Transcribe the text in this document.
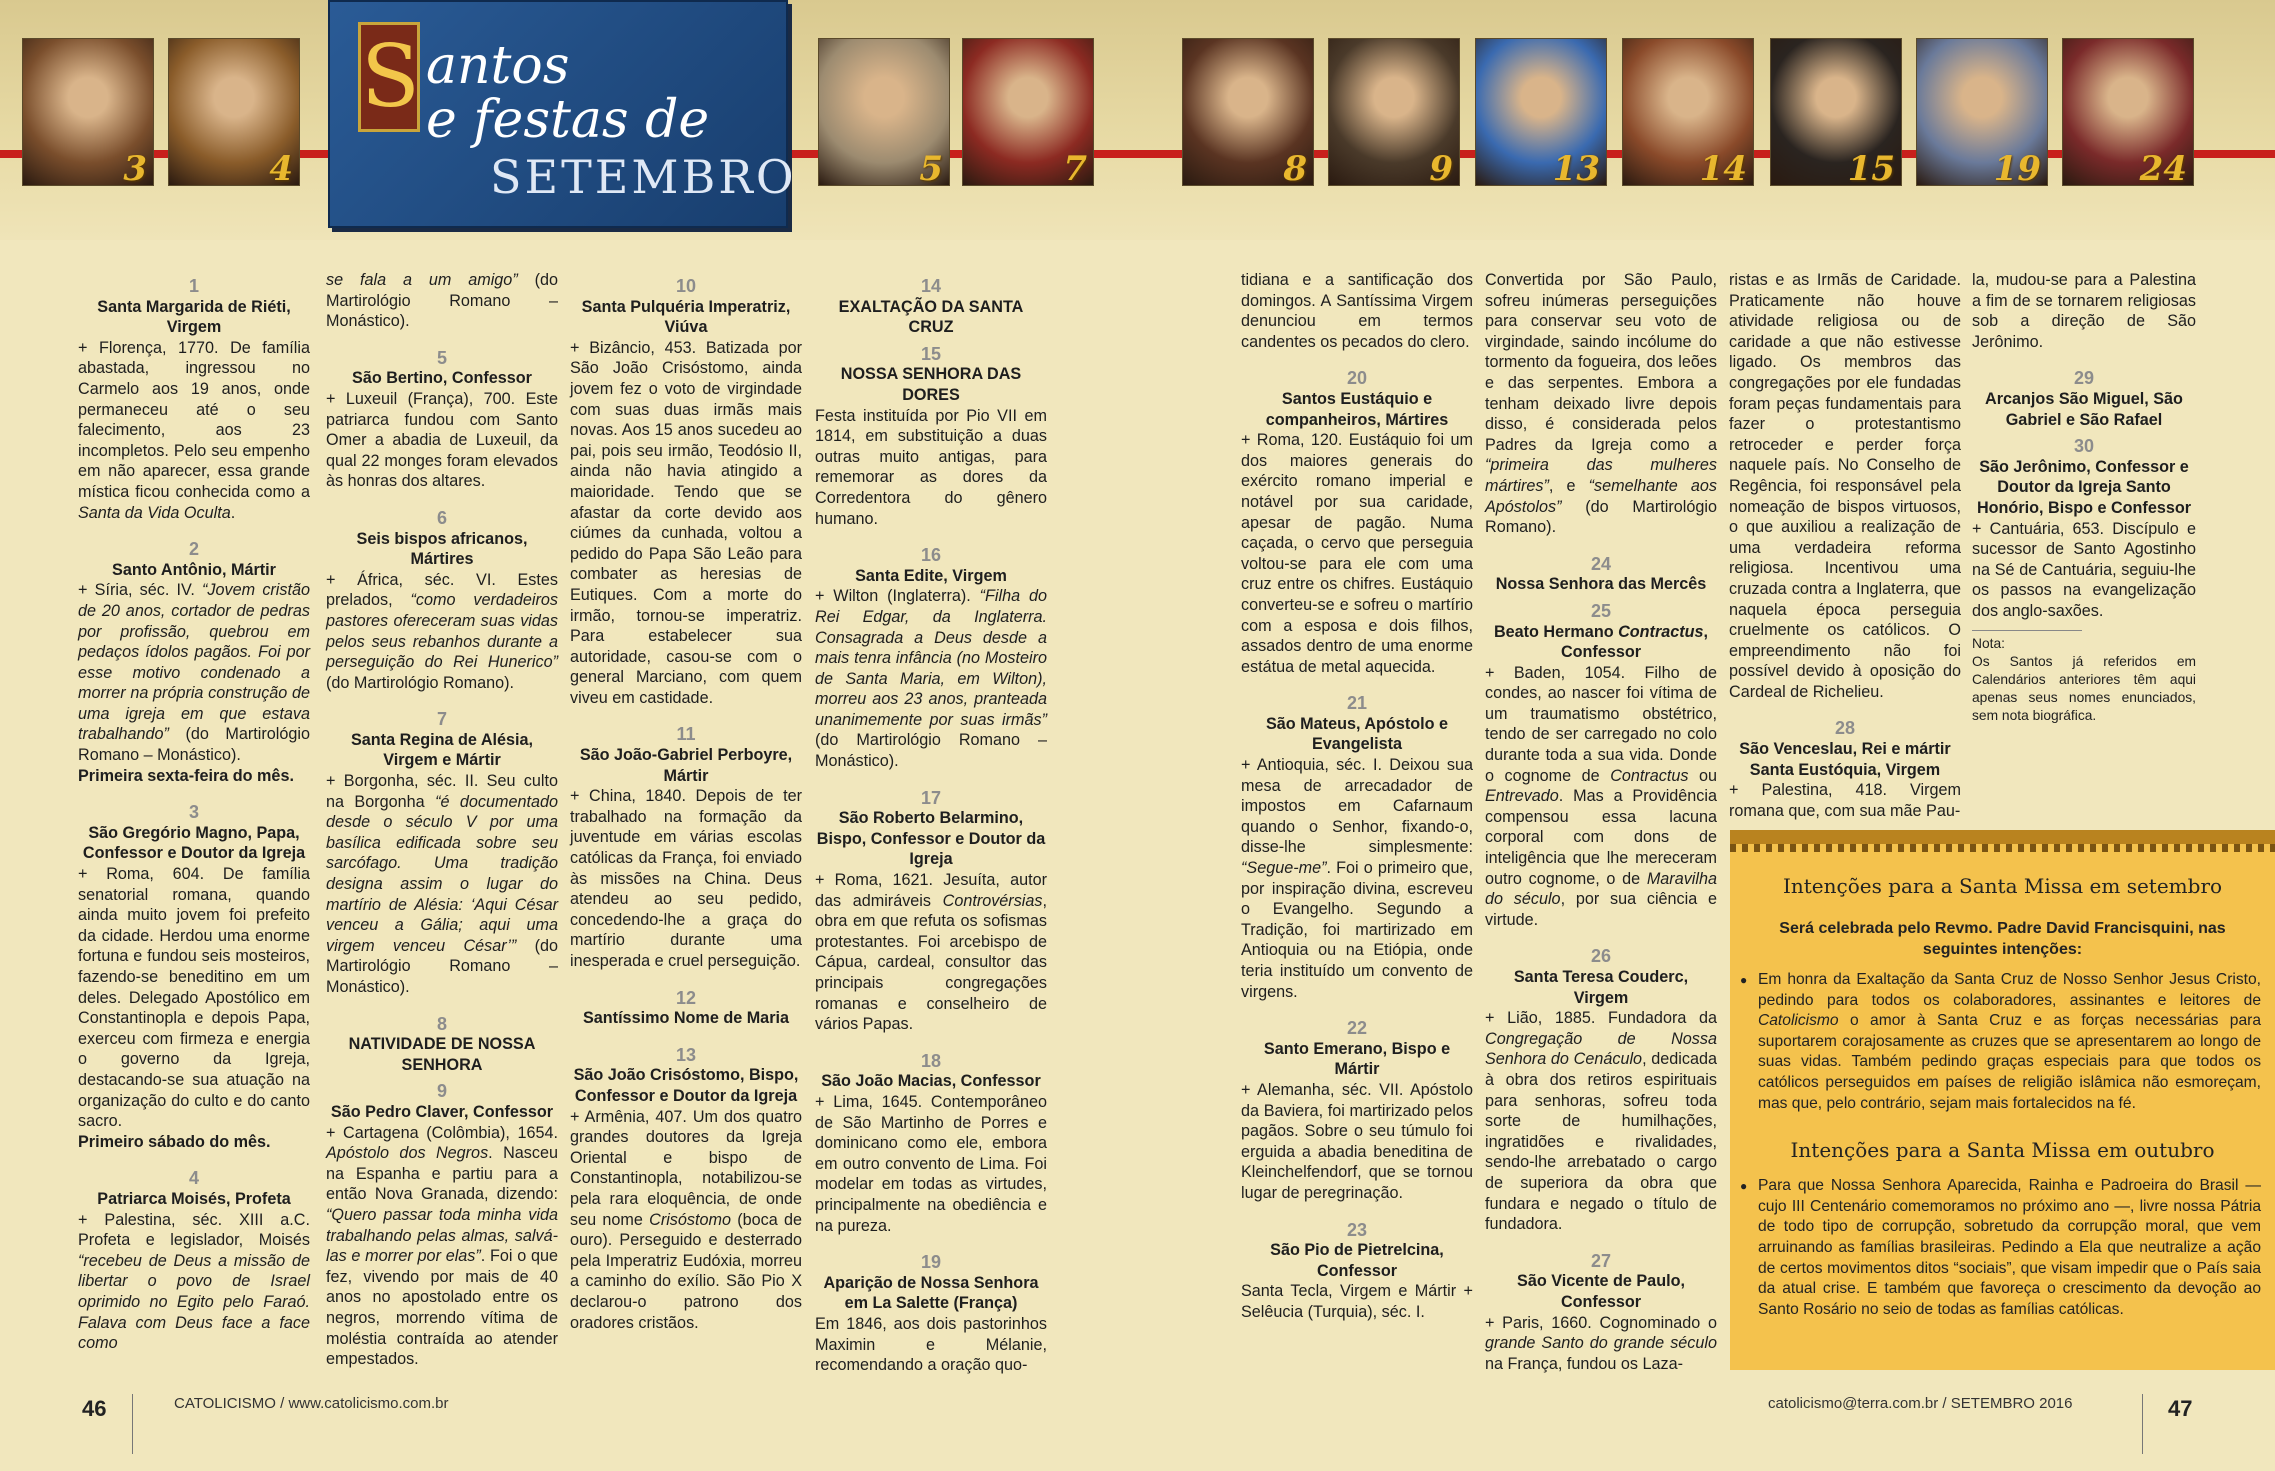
3	4	5	7	8	9	13	14	15	19	24
S antos
e festas de
SETEMBRO
1
Santa Margarida de Riéti, Virgem

+ Florença, 1770. De família abastada, ingressou no Carmelo aos 19 anos, onde permaneceu até o seu falecimento, aos 23 incompletos. Pelo seu empenho em não aparecer, essa grande mística ficou conhecida como a Santa da Vida Oculta.

2
Santo Antônio, Mártir

+ Síria, séc. IV. “Jovem cristão de 20 anos, cortador de pedras por profissão, quebrou em pedaços ídolos pagãos. Foi por esse motivo condenado a morrer na própria construção de uma igreja em que estava trabalhando” (do Martirológio Romano – Monástico).

Primeira sexta-feira do mês.

3
São Gregório Magno, Papa, Confessor e Doutor da Igreja

+ Roma, 604. De família senatorial romana, quando ainda muito jovem foi prefeito da cidade. Herdou uma enorme fortuna e fundou seis mosteiros, fazendo-se beneditino em um deles. Delegado Apostólico em Constantinopla e depois Papa, exerceu com firmeza e energia o governo da Igreja, destacando-se sua atuação na organização do culto e do canto sacro.

Primeiro sábado do mês.

4
Patriarca Moisés, Profeta

+ Palestina, séc. XIII a.C. Profeta e legislador, Moisés “recebeu de Deus a missão de libertar o povo de Israel oprimido no Egito pelo Faraó. Falava com Deus face a face como

se fala a um amigo” (do Martirológio Romano – Monástico).

5
São Bertino, Confessor

+ Luxeuil (França), 700. Este patriarca fundou com Santo Omer a abadia de Luxeuil, da qual 22 monges foram elevados às honras dos altares.

6
Seis bispos africanos, Mártires

+ África, séc. VI. Estes prelados, “como verdadeiros pastores ofereceram suas vidas pelos seus rebanhos durante a perseguição do Rei Hunerico” (do Martirológio Romano).

7
Santa Regina de Alésia, Virgem e Mártir

+ Borgonha, séc. II. Seu culto na Borgonha “é documentado desde o século V por uma basílica edificada sobre seu sarcófago. Uma tradição designa assim o lugar do martírio de Alésia: ‘Aqui César venceu a Gália; aqui uma virgem venceu César’” (do Martirológio Romano – Monástico).

8
NATIVIDADE DE NOSSA SENHORA
9
São Pedro Claver, Confessor

+ Cartagena (Colômbia), 1654. Apóstolo dos Negros. Nasceu na Espanha e partiu para a então Nova Granada, dizendo: “Quero passar toda minha vida trabalhando pelas almas, salvá-las e morrer por elas”. Foi o que fez, vivendo por mais de 40 anos no apostolado entre os negros, morrendo vítima de moléstia contraída ao atender empestados.

10
Santa Pulquéria Imperatriz, Viúva

+ Bizâncio, 453. Batizada por São João Crisóstomo, ainda jovem fez o voto de virgindade com suas duas irmãs mais novas. Aos 15 anos sucedeu ao pai, pois seu irmão, Teodósio II, ainda não havia atingido a maioridade. Tendo que se afastar da corte devido aos ciúmes da cunhada, voltou a pedido do Papa São Leão para combater as heresias de Eutiques. Com a morte do irmão, tornou-se imperatriz. Para estabelecer sua autoridade, casou-se com o general Marciano, com quem viveu em castidade.

11
São João-Gabriel Perboyre, Mártir

+ China, 1840. Depois de ter trabalhado na formação da juventude em várias escolas católicas da França, foi enviado às missões na China. Deus atendeu ao seu pedido, concedendo-lhe a graça do martírio durante uma inesperada e cruel perseguição.

12
Santíssimo Nome de Maria
13
São João Crisóstomo, Bispo, Confessor e Doutor da Igreja

+ Armênia, 407. Um dos quatro grandes doutores da Igreja Oriental e bispo de Constantinopla, notabilizou-se pela rara eloquência, de onde seu nome Crisóstomo (boca de ouro). Perseguido e desterrado pela Imperatriz Eudóxia, morreu a caminho do exílio. São Pio X declarou-o patrono dos oradores cristãos.

14
EXALTAÇÃO DA SANTA CRUZ
15
NOSSA SENHORA DAS DORES

Festa instituída por Pio VII em 1814, em substituição a duas outras muito antigas, para rememorar as dores da Corredentora do gênero humano.

16
Santa Edite, Virgem

+ Wilton (Inglaterra). “Filha do Rei Edgar, da Inglaterra. Consagrada a Deus desde a mais tenra infância (no Mosteiro de Santa Maria, em Wilton), morreu aos 23 anos, pranteada unanimemente por suas irmãs” (do Martirológio Romano – Monástico).

17
São Roberto Belarmino, Bispo, Confessor e Doutor da Igreja

+ Roma, 1621. Jesuíta, autor das admiráveis Controvérsias, obra em que refuta os sofismas protestantes. Foi arcebispo de Cápua, cardeal, consultor das principais congregações romanas e conselheiro de vários Papas.

18
São João Macias, Confessor

+ Lima, 1645. Contemporâneo de São Martinho de Porres e dominicano como ele, embora em outro convento de Lima. Foi modelar em todas as virtudes, principalmente na obediência e na pureza.

19
Aparição de Nossa Senhora em La Salette (França)

Em 1846, aos dois pastorinhos Maximin e Mélanie, recomendando a oração quo-

tidiana e a santificação dos domingos. A Santíssima Virgem denunciou em termos candentes os pecados do clero.

20
Santos Eustáquio e companheiros, Mártires

+ Roma, 120. Eustáquio foi um dos maiores generais do exército romano imperial e notável por sua caridade, apesar de pagão. Numa caçada, o cervo que perseguia voltou-se para ele com uma cruz entre os chifres. Eustáquio converteu-se e sofreu o martírio com a esposa e dois filhos, assados dentro de uma enorme estátua de metal aquecida.

21
São Mateus, Apóstolo e Evangelista

+ Antioquia, séc. I. Deixou sua mesa de arrecadador de impostos em Cafarnaum quando o Senhor, fixando-o, disse-lhe simplesmente: “Segue-me”. Foi o primeiro que, por inspiração divina, escreveu o Evangelho. Segundo a Tradição, foi martirizado em Antioquia ou na Etiópia, onde teria instituído um convento de virgens.

22
Santo Emerano, Bispo e Mártir

+ Alemanha, séc. VII. Apóstolo da Baviera, foi martirizado pelos pagãos. Sobre o seu túmulo foi erguida a abadia beneditina de Kleinchelfendorf, que se tornou lugar de peregrinação.

23
São Pio de Pietrelcina, Confessor

Santa Tecla, Virgem e Mártir + Selêucia (Turquia), séc. I.

Convertida por São Paulo, sofreu inúmeras perseguições para conservar seu voto de virgindade, saindo incólume do tormento da fogueira, dos leões e das serpentes. Embora a tenham deixado livre depois disso, é considerada pelos Padres da Igreja como a “primeira das mulheres mártires”, e “semelhante aos Apóstolos” (do Martirológio Romano).

24
Nossa Senhora das Mercês
25
Beato Hermano Contractus, Confessor

+ Baden, 1054. Filho de condes, ao nascer foi vítima de um traumatismo obstétrico, tendo de ser carregado no colo durante toda a sua vida. Donde o cognome de Contractus ou Entrevado. Mas a Providência compensou essa lacuna corporal com dons de inteligência que lhe mereceram outro cognome, o de Maravilha do século, por sua ciência e virtude.

26
Santa Teresa Couderc, Virgem

+ Lião, 1885. Fundadora da Congregação de Nossa Senhora do Cenáculo, dedicada à obra dos retiros espirituais para senhoras, sofreu toda sorte de humilhações, ingratidões e rivalidades, sendo-lhe arrebatado o cargo de superiora da obra que fundara e negado o título de fundadora.

27
São Vicente de Paulo, Confessor

+ Paris, 1660. Cognominado o grande Santo do grande século na França, fundou os Laza-

ristas e as Irmãs de Caridade. Praticamente não houve atividade religiosa ou de caridade a que não estivesse ligado. Os membros das congregações por ele fundadas foram peças fundamentais para fazer o protestantismo retroceder e perder força naquele país. No Conselho de Regência, foi responsável pela nomeação de bispos virtuosos, o que auxiliou a realização de uma verdadeira reforma religiosa. Incentivou uma cruzada contra a Inglaterra, que naquela época perseguia cruelmente os católicos. O empreendimento não foi possível devido à oposição do Cardeal de Richelieu.

28
São Venceslau, Rei e mártir Santa Eustóquia, Virgem

+ Palestina, 418. Virgem romana que, com sua mãe Pau-

la, mudou-se para a Palestina a fim de se tornarem religiosas sob a direção de São Jerônimo.

29
Arcanjos São Miguel, São Gabriel e São Rafael
30
São Jerônimo, Confessor e Doutor da Igreja Santo Honório, Bispo e Confessor

+ Cantuária, 653. Discípulo e sucessor de Santo Agostinho na Sé de Cantuária, seguiu-lhe os passos na evangelização dos anglo-saxões.

Nota:

Os Santos já referidos em Calendários anteriores têm aqui apenas seus nomes enunciados, sem nota biográfica.

Intenções para a Santa Missa em setembro
Será celebrada pelo Revmo. Padre David Francisquini, nas seguintes intenções:
● Em honra da Exaltação da Santa Cruz de Nosso Senhor Jesus Cristo, pedindo para todos os colaboradores, assinantes e leitores de Catolicismo o amor à Santa Cruz e as forças necessárias para suportarem corajosamente as cruzes que se apresentarem ao longo de suas vidas. Também pedindo graças especiais para que todos os católicos perseguidos em países de religião islâmica não esmoreçam, mas que, pelo contrário, sejam mais fortalecidos na fé.
Intenções para a Santa Missa em outubro
● Para que Nossa Senhora Aparecida, Rainha e Padroeira do Brasil — cujo III Centenário comemoramos no próximo ano —, livre nossa Pátria de todo tipo de corrupção, sobretudo da corrupção moral, que vem arruinando as famílias brasileiras. Pedindo a Ela que neutralize a ação de certos movimentos ditos “sociais”, que visam impedir que o País saia da atual crise. E também que favoreça o crescimento da devoção ao Santo Rosário no seio de todas as famílias católicas.
46	CATOLICISMO / www.catolicismo.com.br	catolicismo@terra.com.br / SETEMBRO 2016	47
